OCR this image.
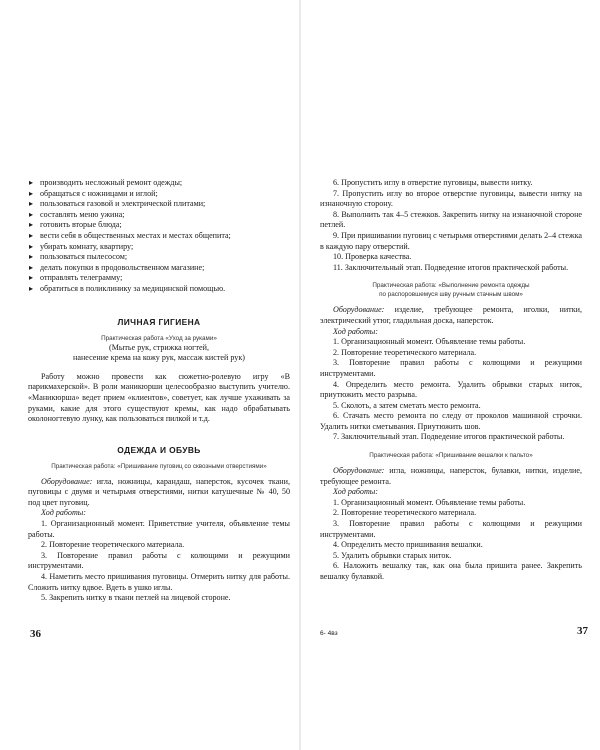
▸ производить несложный ремонт одежды;
▸ обращаться с ножницами и иглой;
▸ пользоваться газовой и электрической плитами;
▸ составлять меню ужина;
▸ готовить вторые блюда;
▸ вести себя в общественных местах и местах общепита;
▸ убирать комнату, квартиру;
▸ пользоваться пылесосом;
▸ делать покупки в продовольственном магазине;
▸ отправлять телеграмму;
▸ обратиться в поликлинику за медицинской помощью.
ЛИЧНАЯ ГИГИЕНА

Практическая работа «Уход за руками»

(Мытье рук, стрижка ногтей,

нанесение крема на кожу рук, массаж кистей рук)

Работу можно провести как сюжетно-ролевую игру «В парикмахерской». В роли маникюрши целесообразно выступить учителю. «Маникюрша» ведет прием «клиентов», советует, как лучше ухаживать за руками, какие для этого существуют кремы, как надо обрабатывать околоногтевую лунку, как пользоваться пилкой и т.д.

ОДЕЖДА И ОБУВЬ

Практическая работа: «Пришивание пуговиц со сквозными отверстиями»

Оборудование: игла, ножницы, карандаш, наперсток, кусочек ткани, пуговицы с двумя и четырьмя отверстиями, нитки катушечные № 40, 50 под цвет пуговиц.

Ход работы:

1. Организационный момент. Приветствие учителя, объявление темы работы.

2. Повторение теоретического материала.

3. Повторение правил работы с колющими и режущими инструментами.

4. Наметить место пришивания пуговицы. Отмерить нитку для работы. Сложить нитку вдвое. Вдеть в ушко иглы.

5. Закрепить нитку в ткани петлей на лицевой стороне.

36

6. Пропустить иглу в отверстие пуговицы, вывести нитку.

7. Пропустить иглу во второе отверстие пуговицы, вывести нитку на изнаночную сторону.

8. Выполнить так 4–5 стежков. Закрепить нитку на изнаночной стороне петлей.

9. При пришивании пуговиц с четырьмя отверстиями делать 2–4 стежка в каждую пару отверстий.

10. Проверка качества.

11. Заключительный этап. Подведение итогов практической работы.

Практическая работа: «Выполнение ремонта одежды

по распоровшемуся шву ручным стачным швом»

Оборудование: изделие, требующее ремонта, иголки, нитки, электрический утюг, гладильная доска, наперсток.

Ход работы:

1. Организационный момент. Объявление темы работы.

2. Повторение теоретического материала.

3. Повторение правил работы с колющими и режущими инструментами.

4. Определить место ремонта. Удалить обрывки старых ниток, приутюжить место разрыва.

5. Сколоть, а затем сметать место ремонта.

6. Стачать место ремонта по следу от проколов машинной строчки. Удалить нитки сметывания. Приутюжить шов.

7. Заключительный этап. Подведение итогов практической работы.

Практическая работа: «Пришивание вешалки к пальто»

Оборудование: игла, ножницы, наперсток, булавки, нитки, изделие, требующее ремонта.

Ход работы:

1. Организационный момент. Объявление темы работы.

2. Повторение теоретического материала.

3. Повторение правил работы с колющими и режущими инструментами.

4. Определить место пришивания вешалки.

5. Удалить обрывки старых ниток.

6. Наложить вешалку так, как она была пришита ранее. Закрепить вешалку булавкой.

6- 4вз	37
